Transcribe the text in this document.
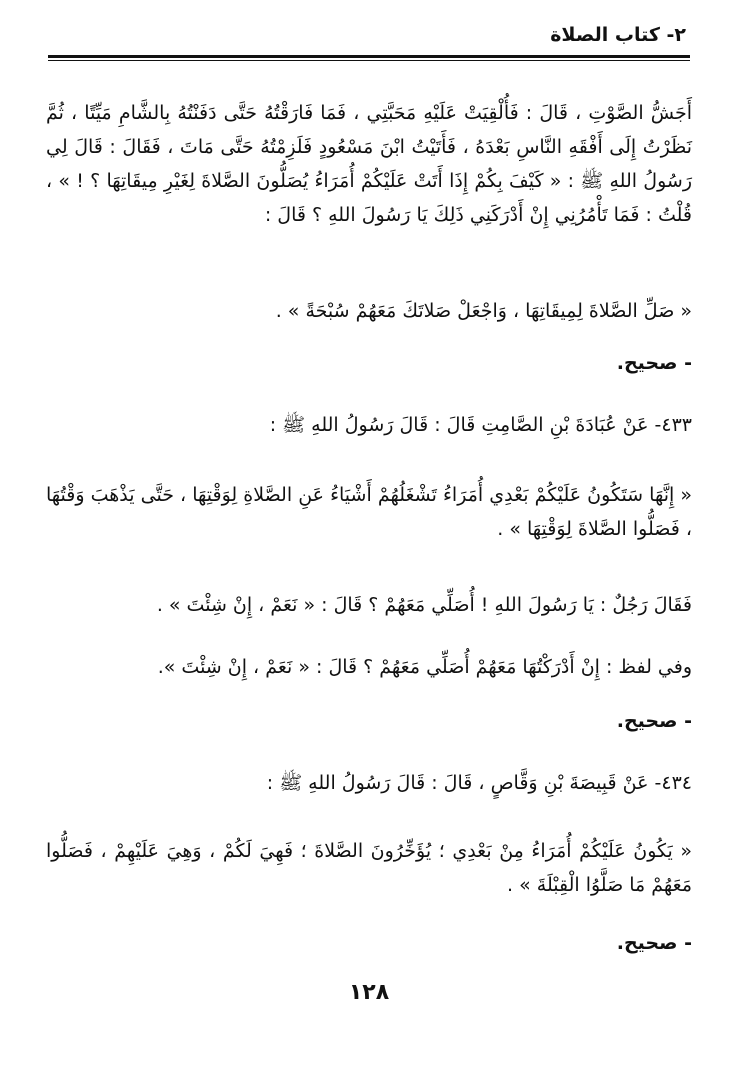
٢- كتاب الصلاة
أَجَشُّ الصَّوْتِ ، قَالَ : فَأُلْقِيَتْ عَلَيْهِ مَحَبَّتِي ، فَمَا فَارَقْتُهُ حَتَّى دَفَنْتُهُ بِالشَّامِ مَيِّتًا ، ثُمَّ نَظَرْتُ إِلَى أَفْقَهِ النَّاسِ بَعْدَهُ ، فَأَتَيْتُ ابْنَ مَسْعُودٍ فَلَزِمْتُهُ حَتَّى مَاتَ ، فَقَالَ : قَالَ لِي رَسُولُ اللهِ ﷺ : « كَيْفَ بِكُمْ إِذَا أَتَتْ عَلَيْكُمْ أُمَرَاءُ يُصَلُّونَ الصَّلاةَ لِغَيْرِ مِيقَاتِهَا ؟ ! » ، قُلْتُ : فَمَا تَأْمُرُنِي إِنْ أَدْرَكَنِي ذَلِكَ يَا رَسُولَ اللهِ ؟ قَالَ :
« صَلِّ الصَّلاةَ لِمِيقَاتِهَا ، وَاجْعَلْ صَلاتَكَ مَعَهُمْ سُبْحَةً » .
- صحيح.
٤٣٣- عَنْ عُبَادَةَ بْنِ الصَّامِتِ قَالَ : قَالَ رَسُولُ اللهِ ﷺ :
« إِنَّهَا سَتَكُونُ عَلَيْكُمْ بَعْدِي أُمَرَاءُ تَشْغَلُهُمْ أَشْيَاءُ عَنِ الصَّلاةِ لِوَقْتِهَا ، حَتَّى يَذْهَبَ وَقْتُهَا ، فَصَلُّوا الصَّلاةَ لِوَقْتِهَا » .
فَقَالَ رَجُلٌ : يَا رَسُولَ اللهِ ! أُصَلِّي مَعَهُمْ ؟ قَالَ : « نَعَمْ ، إِنْ شِئْتَ » .
وفي لفظ : إِنْ أَدْرَكْتُهَا مَعَهُمْ أُصَلِّي مَعَهُمْ ؟ قَالَ : « نَعَمْ ، إِنْ شِئْتَ ».
- صحيح.
٤٣٤- عَنْ قَبِيصَةَ بْنِ وَقَّاصٍ ، قَالَ : قَالَ رَسُولُ اللهِ ﷺ :
« يَكُونُ عَلَيْكُمْ أُمَرَاءُ مِنْ بَعْدِي ؛ يُؤَخِّرُونَ الصَّلاةَ ؛ فَهِيَ لَكُمْ ، وَهِيَ عَلَيْهِمْ ، فَصَلُّوا مَعَهُمْ مَا صَلَّوُا الْقِبْلَةَ » .
- صحيح.
١٢٨
